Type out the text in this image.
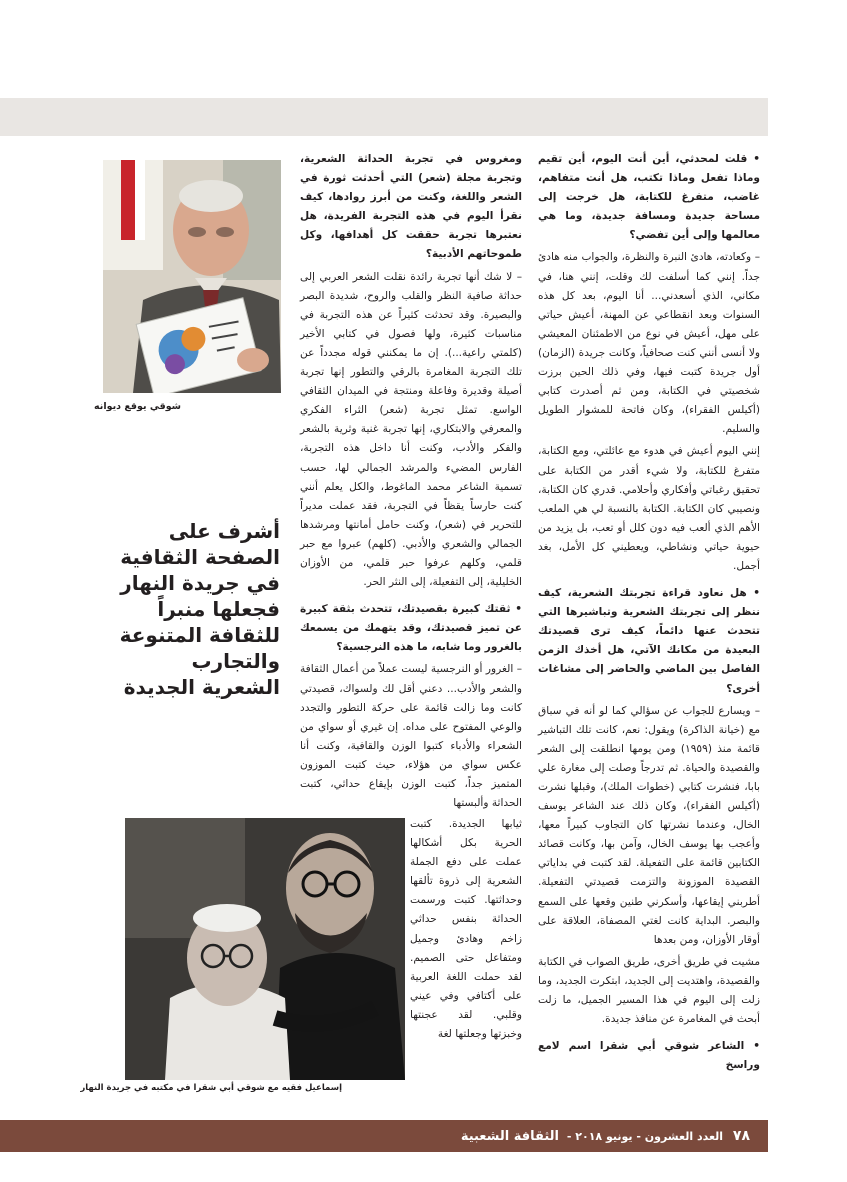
• قلت لمحدثي، أين أنت اليوم، أين تقيم وماذا تفعل وماذا تكتب، هل أنت متفاهم، غاضب، متفرغ للكتابة، هل خرجت إلى مساحة جديدة ومسافة جديدة، وما هي معالمها وإلى أين تفضي؟

– وكعادته، هادئ النبرة والنظرة، والجواب منه هادئ جداً. إنني كما أسلفت لك وقلت، إنني هنا، في مكاني، الذي أسعدني... أنا اليوم، بعد كل هذه السنوات وبعد انقطاعي عن المهنة، أعيش حياتي على مهل، أعيش في نوع من الاطمئنان المعيشي ولا أنسى أنني كنت صحافياً، وكانت جريدة (الزمان) أول جريدة كتبت فيها، وفي ذلك الحين برزت شخصيتي في الكتابة، ومن ثم أصدرت كتابي (أكيلس الفقراء)، وكان فاتحة للمشوار الطويل والسليم.

إنني اليوم أعيش في هدوء مع عائلتي، ومع الكتابة، متفرغ للكتابة، ولا شيء أقدر من الكتابة على تحقيق رغباتي وأفكاري وأحلامي. قدري كان الكتابة، ونصيبي كان الكتابة. الكتابة بالنسبة لي هي الملعب الأهم الذي ألعب فيه دون كلل أو تعب، بل يزيد من حيوية حياتي ونشاطي، ويعطيني كل الأمل، بغد أجمل.

• هل نعاود قراءة تجربتك الشعرية، كيف ننظر إلى تجربتك الشعرية وتباشيرها التي تتحدث عنها دائماً، كيف ترى قصيدتك البعيدة من مكانك الآتي، هل أخذك الزمن الفاصل بين الماضي والحاضر إلى مشاغات أخرى؟

– ويسارع للجواب عن سؤالي كما لو أنه في سباق مع (خيانة الذاكرة) ويقول: نعم، كانت تلك التباشير قائمة منذ (١٩٥٩) ومن يومها انطلقت إلى الشعر والقصيدة والحياة. ثم تدرجاً وصلت إلى مغارة علي بابا، فنشرت كتابي (خطوات الملك)، وقبلها نشرت (أكيلس الفقراء)، وكان ذلك عند الشاعر يوسف الخال، وعندما نشرتها كان التجاوب كبيراً معها، وأعجب بها يوسف الخال، وآمن بها، وكانت قصائد الكتابين قائمة على التفعيلة. لقد كتبت في بداياتي القصيدة الموزونة والتزمت قصيدتي التفعيلة. أطربني إيقاعها، وأسكرني طنين وقعها على السمع والبصر. البداية كانت لغتي المصفاة، العلاقة على أوقار الأوزان، ومن بعدها

مشيت في طريق أخرى، طريق الصواب في الكتابة والقصيدة، واهتديت إلى الجديد، ابتكرت الجديد، وما زلت إلى اليوم في هذا المسير الجميل، ما زلت أبحث في المغامرة عن منافذ جديدة.

• الشاعر شوقي أبي شقرا اسم لامع وراسخ

ومغروس في تجربة الحداثة الشعرية، وتجربة مجلة (شعر) التي أحدثت ثورة في الشعر واللغة، وكنت من أبرز روادها، كيف نقرأ اليوم في هذه التجربة الفريدة، هل نعتبرها تجربة حققت كل أهدافها، وكل طموحاتهم الأدبية؟

– لا شك أنها تجربة رائدة نقلت الشعر العربي إلى حداثة صافية النظر والقلب والروح، شديدة البصر والبصيرة. وقد تحدثت كثيراً عن هذه التجربة في مناسبات كثيرة، ولها فصول في كتابي الأخير (كلمتي راعية...). إن ما يمكنني قوله مجدداً عن تلك التجربة المغامرة بالرقي والتطور إنها تجربة أصيلة وقديرة وفاعلة ومنتجة في الميدان الثقافي الواسع. تمثل تجربة (شعر) الثراء الفكري والمعرفي والابتكاري، إنها تجربة غنية وثرية بالشعر والفكر والأدب، وكنت أنا داخل هذه التجربة، الفارس المضيء والمرشد الجمالي لها، حسب تسمية الشاعر محمد الماغوط، والكل يعلم أنني كنت حارساً يقظاً في التجربة، فقد عملت مديراً للتحرير في (شعر)، وكنت حامل أمانتها ومرشدها الجمالي والشعري والأدبي. (كلهم) عبروا مع حبر قلمي، وكلهم عرفوا حبر قلمي، من الأوزان الخليلية، إلى التفعيلة، إلى النثر الحر.

• ثقتك كبيرة بقصيدتك، تتحدث بثقة كبيرة عن تميز قصيدتك، وقد يتهمك من يسمعك بالغرور وما شابه، ما هذه النرجسية؟

– الغرور أو النرجسية ليست عملاً من أعمال الثقافة والشعر والأدب... دعني أقل لك ولسواك، قصيدتي كانت وما زالت قائمة على حركة التطور والتجدد والوعي المفتوح على مداه. إن غيري أو سواي من الشعراء والأدباء كتبوا الوزن والقافية، وكنت أنا عكس سواي من هؤلاء، حيث كتبت الموزون المتميز جداً، كتبت الوزن بإيقاع حداثي، كتبت الحداثة وألبستها

ثيابها الجديدة. كتبت الحرية بكل أشكالها عملت على دفع الجملة الشعرية إلى ذروة تألقها وحداثتها. كتبت ورسمت الحداثة بنفس حداثي زاخم وهادئ وجميل ومتفاعل حتى الصميم. لقد حملت اللغة العربية على أكتافي وفي عيني وقلبي. لقد عجنتها وخبزتها وجعلتها لغة

شوقي يوقع ديوانه
أشرف على الصفحة الثقافية في جريدة النهار فجعلها منبراً للثقافة المتنوعة والتجارب الشعرية الجديدة
إسماعيل فقيه مع شوقي أبي شقرا في مكتبه في جريدة النهار
٧٨ العدد العشرون - يونيو ٢٠١٨ - الثقافة الشعبية
